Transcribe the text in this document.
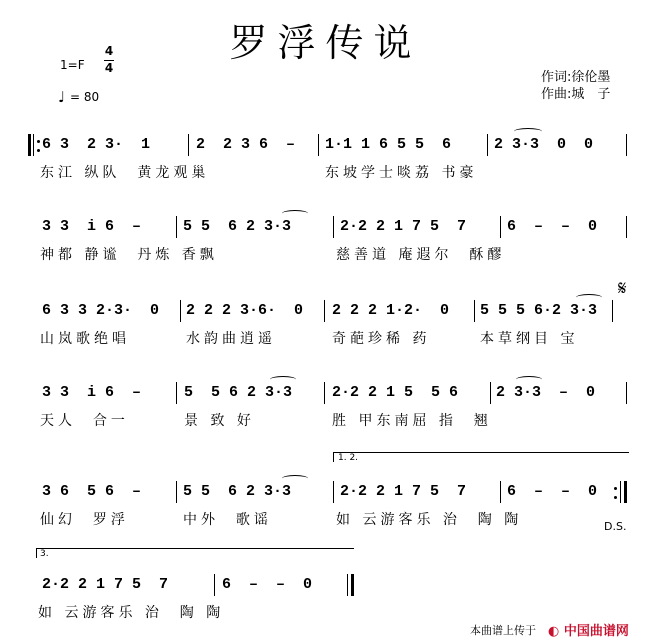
罗浮传说
1=F
4
4
♩ = 80
作词:徐伦墨
作曲:城　子
6 3  2 3·  1	2  2 3 6  – 1·1 1 6 5 5  6	2 3·3  0  0
东江 纵队  黄龙观巢	东坡学士啖荔 书豪
3 3  i 6  –	5 5  6 2 3·3	2·2 2 1 7 5  7	6  –  –  0
神都 静谧  丹炼 香飘	慈善道 庵遐尔  酥醪
6 3 3 2·3·  0 2 2 2 3·6·  0 2 2 2 1·2·  0 5 5 5 6·2 3·3
𝄋
山岚歌绝唱	水韵曲逍遥	奇葩珍稀 药	本草纲目 宝
3 3  i 6  –	5  5 6 2 3·3	2·2 2 1 5  5 6	2 3·3  –  0
天人  合一	景 致 好	胜 甲东南屈 指  翘
1. 2.
3 6  5 6  –	5 5  6 2 3·3	2·2 2 1 7 5  7	6  –  –  0
仙幻  罗浮	中外  歌谣	如 云游客乐 治  陶 陶	D.S.
3.
2·2 2 1 7 5  7	6  –  –  0
如 云游客乐 治  陶 陶
本曲谱上传于 ◐ 中国曲谱网
